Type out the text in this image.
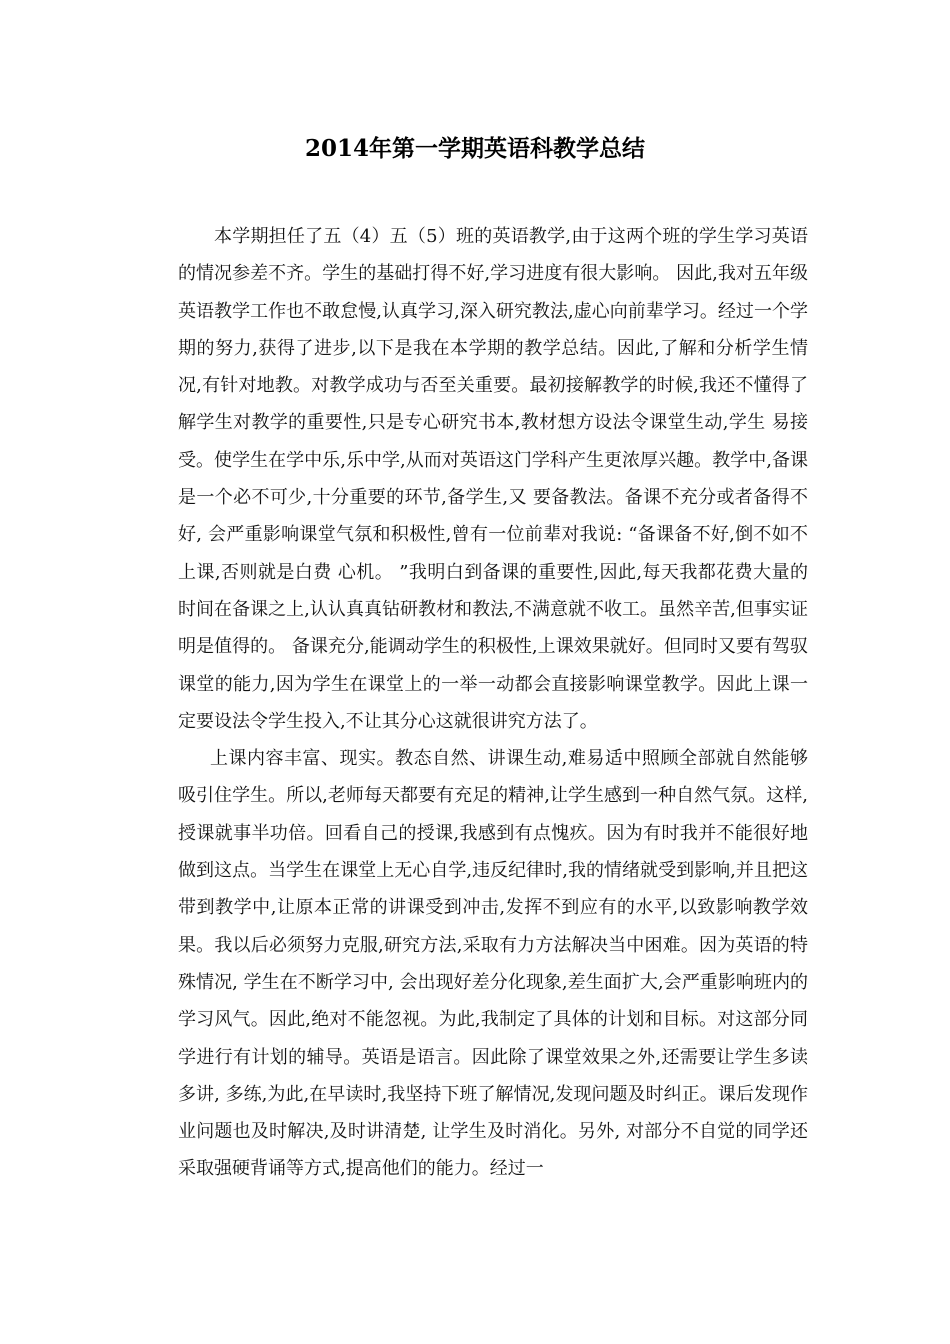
2014年第一学期英语科教学总结

本学期担任了五（4）五（5）班的英语教学,由于这两个班的学生学习英语的情况参差不齐。学生的基础打得不好,学习进度有很大影响。 因此,我对五年级英语教学工作也不敢怠慢,认真学习,深入研究教法,虚心向前辈学习。经过一个学期的努力,获得了进步,以下是我在本学期的教学总结。因此,了解和分析学生情况,有针对地教。对教学成功与否至关重要。最初接解教学的时候,我还不懂得了解学生对教学的重要性,只是专心研究书本,教材想方设法令课堂生动,学生 易接受。使学生在学中乐,乐中学,从而对英语这门学科产生更浓厚兴趣。教学中,备课是一个必不可少,十分重要的环节,备学生,又 要备教法。备课不充分或者备得不好, 会严重影响课堂气氛和积极性,曾有一位前辈对我说: “备课备不好,倒不如不上课,否则就是白费 心机。 ”我明白到备课的重要性,因此,每天我都花费大量的时间在备课之上,认认真真钻研教材和教法,不满意就不收工。虽然辛苦,但事实证明是值得的。 备课充分,能调动学生的积极性,上课效果就好。但同时又要有驾驭课堂的能力,因为学生在课堂上的一举一动都会直接影响课堂教学。因此上课一定要设法令学生投入,不让其分心这就很讲究方法了。

上课内容丰富、现实。教态自然、讲课生动,难易适中照顾全部就自然能够吸引住学生。所以,老师每天都要有充足的精神,让学生感到一种自然气氛。这样,授课就事半功倍。回看自己的授课,我感到有点愧疚。因为有时我并不能很好地做到这点。当学生在课堂上无心自学,违反纪律时,我的情绪就受到影响,并且把这带到教学中,让原本正常的讲课受到冲击,发挥不到应有的水平,以致影响教学效果。我以后必须努力克服,研究方法,采取有力方法解决当中困难。因为英语的特殊情况, 学生在不断学习中, 会出现好差分化现象,差生面扩大,会严重影响班内的学习风气。因此,绝对不能忽视。为此,我制定了具体的计划和目标。对这部分同学进行有计划的辅导。英语是语言。因此除了课堂效果之外,还需要让学生多读多讲, 多练,为此,在早读时,我坚持下班了解情况,发现问题及时纠正。课后发现作业问题也及时解决,及时讲清楚, 让学生及时消化。另外, 对部分不自觉的同学还采取强硬背诵等方式,提高他们的能力。经过一
